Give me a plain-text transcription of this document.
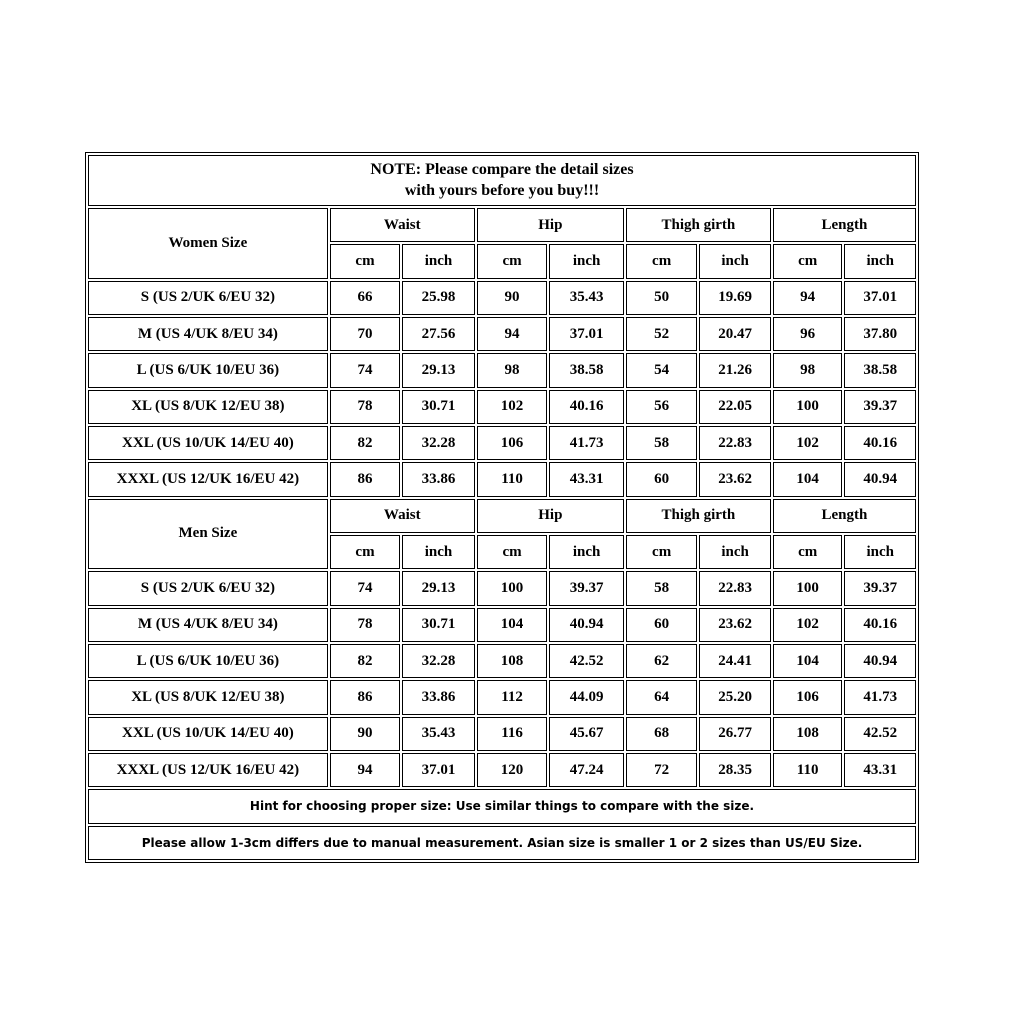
NOTE: Please compare the detail sizes
with yours before you buy!!!								

Women Size	Waist		Hip		Thigh girth		Length	
	cm	inch	cm	inch	cm	inch	cm	inch
S (US 2/UK 6/EU 32)	66	25.98	90	35.43	50	19.69	94	37.01
M (US 4/UK 8/EU 34)	70	27.56	94	37.01	52	20.47	96	37.80
L (US 6/UK 10/EU 36)	74	29.13	98	38.58	54	21.26	98	38.58
XL (US 8/UK 12/EU 38)	78	30.71	102	40.16	56	22.05	100	39.37
XXL (US 10/UK 14/EU 40)	82	32.28	106	41.73	58	22.83	102	40.16
XXXL (US 12/UK 16/EU 42)	86	33.86	110	43.31	60	23.62	104	40.94
Men Size	Waist		Hip		Thigh girth		Length	
	cm	inch	cm	inch	cm	inch	cm	inch
S (US 2/UK 6/EU 32)	74	29.13	100	39.37	58	22.83	100	39.37
M (US 4/UK 8/EU 34)	78	30.71	104	40.94	60	23.62	102	40.16
L (US 6/UK 10/EU 36)	82	32.28	108	42.52	62	24.41	104	40.94
XL (US 8/UK 12/EU 38)	86	33.86	112	44.09	64	25.20	106	41.73
XXL (US 10/UK 14/EU 40)	90	35.43	116	45.67	68	26.77	108	42.52
XXXL (US 12/UK 16/EU 42)	94	37.01	120	47.24	72	28.35	110	43.31
Hint for choosing proper size: Use similar things to compare with the size.								
Please allow 1-3cm differs due to manual measurement. Asian size is smaller 1 or 2 sizes than US/EU Size.								
